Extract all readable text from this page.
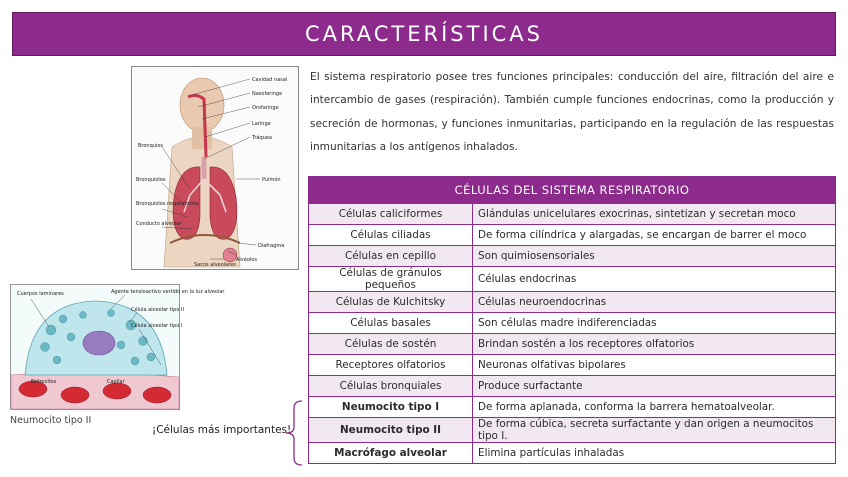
CARACTERÍSTICAS

El sistema respiratorio posee tres funciones principales: conducción del aire, filtración del aire e intercambio de gases (respiración). También cumple funciones endocrinas, como la producción y secreción de hormonas, y funciones inmunitarias, participando en la regulación de las respuestas inmunitarias a los antígenos inhalados.

Cavidad nasal
Nasofaringe
Orofaringe
Laringe
Tráquea
Bronquios
Pulmón
Bronquiolos
Bronquiolos respiratorios
Conducto alveolar
Diafragma
Alvéolos
Sacos alveolares
Cuerpos laminares	Agente tensioactivo vertido en la luz alveolar
Célula alveolar tipo II
Célula alveolar tipo I
Eritrocitos	Capilar
Neumocito tipo II
¡Células más importantes!
CÉLULAS DEL SISTEMA RESPIRATORIO	
Células caliciformes	Glándulas unicelulares exocrinas, sintetizan y secretan moco
Células ciliadas	De forma cilíndrica y alargadas, se encargan de barrer el moco
Células en cepillo	Son quimiosensoriales
Células de gránulos pequeños	Células endocrinas
Células de Kulchitsky	Células neuroendocrinas
Células basales	Son células madre indiferenciadas
Células de sostén	Brindan sostén a los receptores olfatorios
Receptores olfatorios	Neuronas olfativas bipolares
Células bronquiales	Produce surfactante
Neumocito tipo I	De forma aplanada, conforma la barrera hematoalveolar.
Neumocito tipo II	De forma cúbica, secreta surfactante y dan origen a neumocitos tipo I.
Macrófago alveolar	Elimina partículas inhaladas
